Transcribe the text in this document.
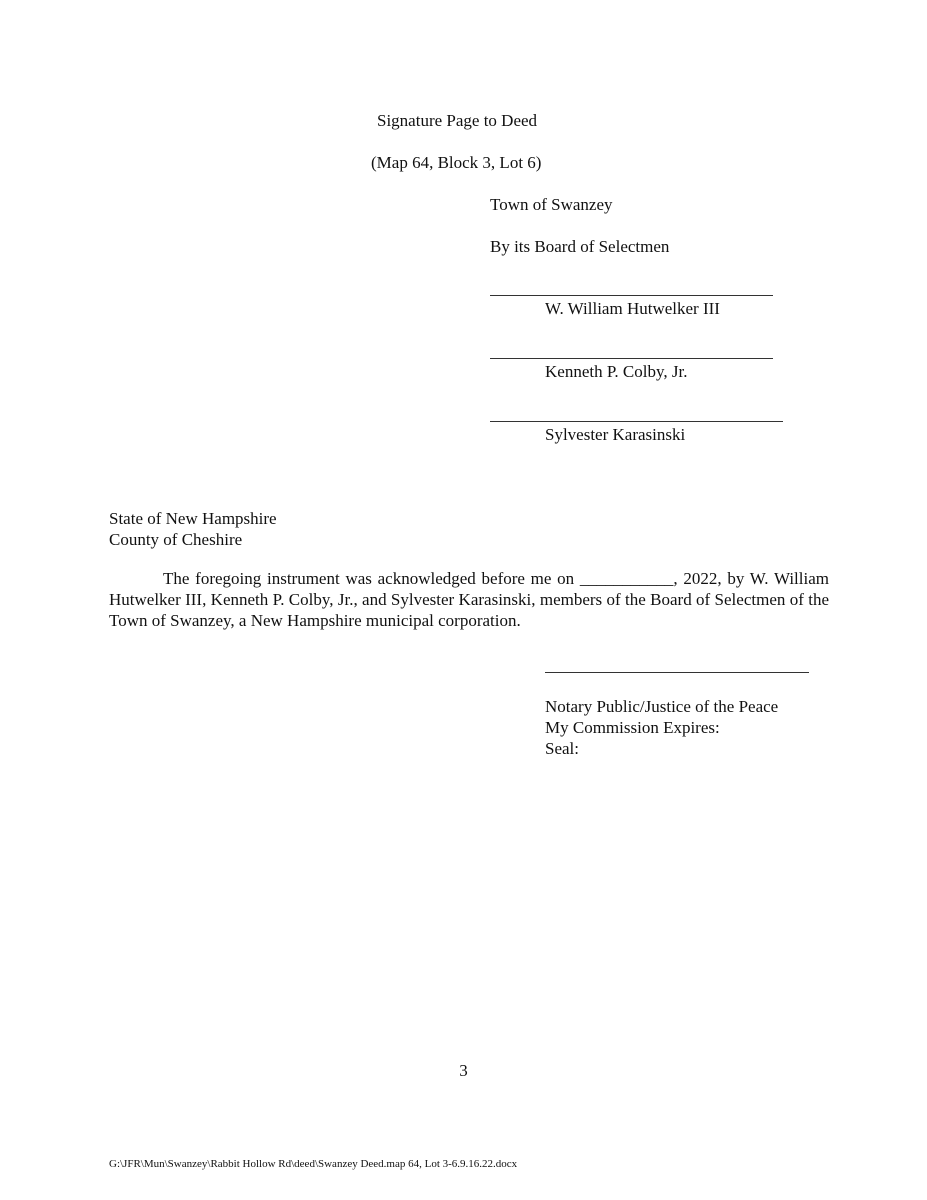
Signature Page to Deed
(Map 64, Block 3, Lot 6)
Town of Swanzey
By its Board of Selectmen
W. William Hutwelker III
Kenneth P. Colby, Jr.
Sylvester Karasinski
State of New Hampshire
County of Cheshire
The foregoing instrument was acknowledged before me on ___________, 2022, by W. William Hutwelker III, Kenneth P. Colby, Jr., and Sylvester Karasinski, members of the Board of Selectmen of the Town of Swanzey, a New Hampshire municipal corporation.
Notary Public/Justice of the Peace
My Commission Expires:
Seal:
3
G:\JFR\Mun\Swanzey\Rabbit Hollow Rd\deed\Swanzey Deed.map 64, Lot 3-6.9.16.22.docx
